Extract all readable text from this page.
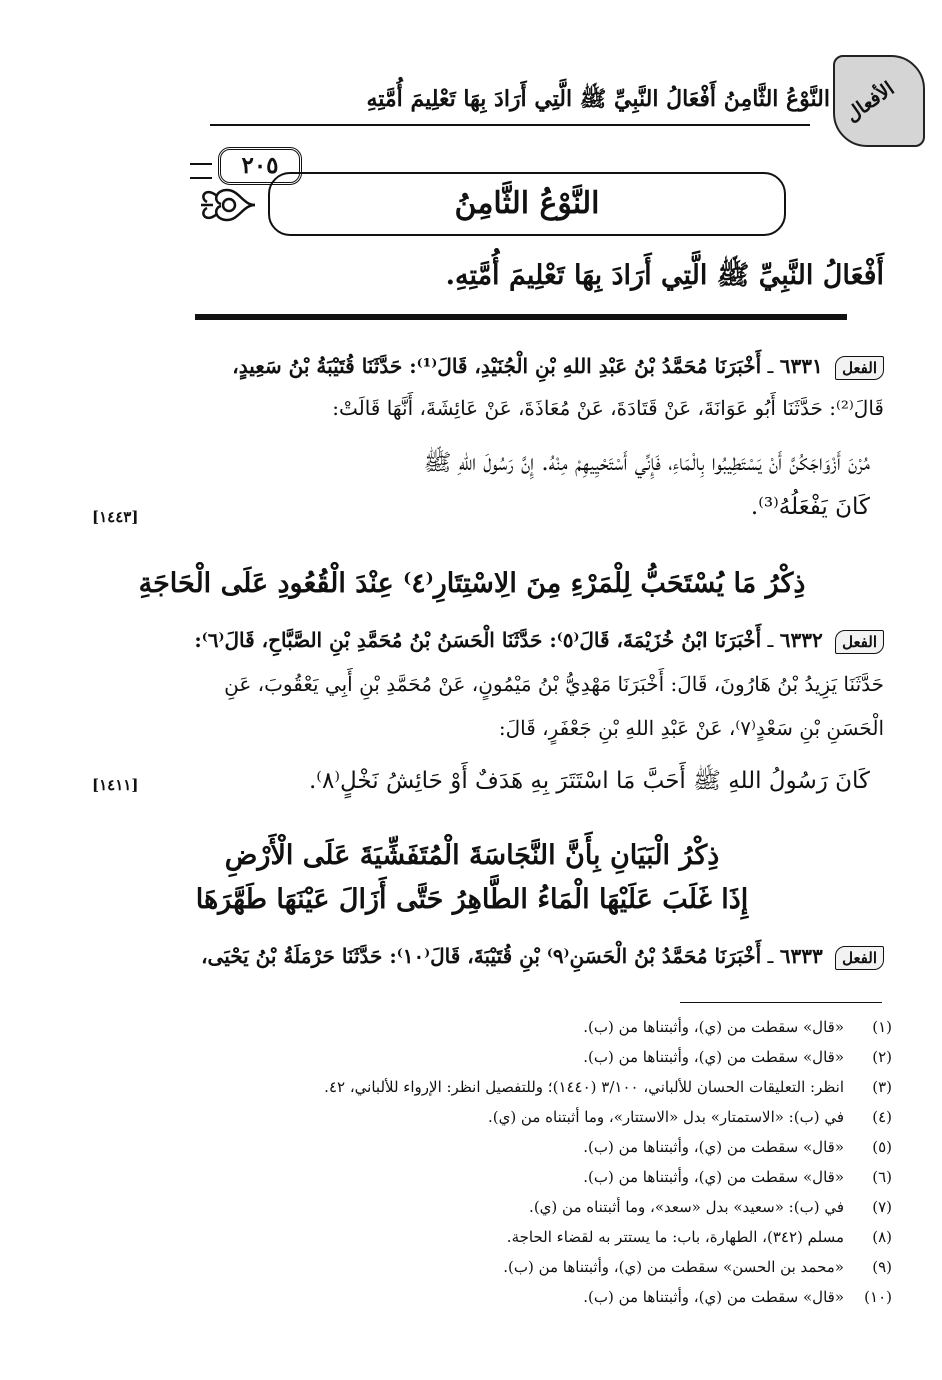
٢٠٥
النَّوْعُ الثَّامِنُ أَفْعَالُ النَّبِيِّ ﷺ الَّتِي أَرَادَ بِهَا تَعْلِيمَ أُمَّتِهِ الأفعال
النَّوْعُ الثَّامِنُ
أَفْعَالُ النَّبِيِّ ﷺ الَّتِي أَرَادَ بِهَا تَعْلِيمَ أُمَّتِهِ.
الفعل ٦٣٣١ ـ أَخْبَرَنَا مُحَمَّدُ بْنُ عَبْدِ اللهِ بْنِ الْجُنَيْدِ، قَالَ⁽¹⁾: حَدَّثَنَا قُتَيْبَةُ بْنُ سَعِيدٍ،
قَالَ⁽²⁾: حَدَّثَنَا أَبُو عَوَانَةَ، عَنْ قَتَادَةَ، عَنْ مُعَاذَةَ، عَنْ عَائِشَةَ، أَنَّهَا قَالَتْ:
مُرْنَ أَزْوَاجَكُنَّ أَنْ يَسْتَطِيبُوا بِالْمَاءِ، فَإِنِّي أَسْتَحْيِيهِمْ مِنْهُ. إِنَّ رَسُولَ اللهِ ﷺ
كَانَ يَفْعَلُهُ⁽³⁾.
[١٤٤٣]
ذِكْرُ مَا يُسْتَحَبُّ لِلْمَرْءِ مِنَ الِاسْتِتَارِ⁽٤⁾ عِنْدَ الْقُعُودِ عَلَى الْحَاجَةِ
الفعل ٦٣٣٢ ـ أَخْبَرَنَا ابْنُ خُزَيْمَةَ، قَالَ⁽٥⁾: حَدَّثَنَا الْحَسَنُ بْنُ مُحَمَّدِ بْنِ الصَّبَّاحِ، قَالَ⁽٦⁾:
حَدَّثَنَا يَزِيدُ بْنُ هَارُونَ، قَالَ: أَخْبَرَنَا مَهْدِيُّ بْنُ مَيْمُونٍ، عَنْ مُحَمَّدِ بْنِ أَبِي يَعْقُوبَ، عَنِ
الْحَسَنِ بْنِ سَعْدٍ⁽٧⁾، عَنْ عَبْدِ اللهِ بْنِ جَعْفَرٍ، قَالَ:
كَانَ رَسُولُ اللهِ ﷺ أَحَبَّ مَا اسْتَتَرَ بِهِ هَدَفٌ أَوْ حَائِشُ نَخْلٍ⁽٨⁾.
[١٤١١]
ذِكْرُ الْبَيَانِ بِأَنَّ النَّجَاسَةَ الْمُتَفَشِّيَةَ عَلَى الْأَرْضِ
إِذَا غَلَبَ عَلَيْهَا الْمَاءُ الطَّاهِرُ حَتَّى أَزَالَ عَيْنَهَا طَهَّرَهَا
الفعل ٦٣٣٣ ـ أَخْبَرَنَا مُحَمَّدُ بْنُ الْحَسَنِ⁽٩⁾ بْنِ قُتَيْبَةَ، قَالَ⁽١٠⁾: حَدَّثَنَا حَرْمَلَةُ بْنُ يَحْيَى،
(١)«قال» سقطت من (ي)، وأثبتناها من (ب).
(٢)«قال» سقطت من (ي)، وأثبتناها من (ب).
(٣)انظر: التعليقات الحسان للألباني، ٣/١٠٠ (١٤٤٠)؛ وللتفصيل انظر: الإرواء للألباني، ٤٢.
(٤)في (ب): «الاستمتار» بدل «الاستتار»، وما أثبتناه من (ي).
(٥)«قال» سقطت من (ي)، وأثبتناها من (ب).
(٦)«قال» سقطت من (ي)، وأثبتناها من (ب).
(٧)في (ب): «سعيد» بدل «سعد»، وما أثبتناه من (ي).
(٨)مسلم (٣٤٢)، الطهارة، باب: ما يستتر به لقضاء الحاجة.
(٩)«محمد بن الحسن» سقطت من (ي)، وأثبتناها من (ب).
(١٠)«قال» سقطت من (ي)، وأثبتناها من (ب).
